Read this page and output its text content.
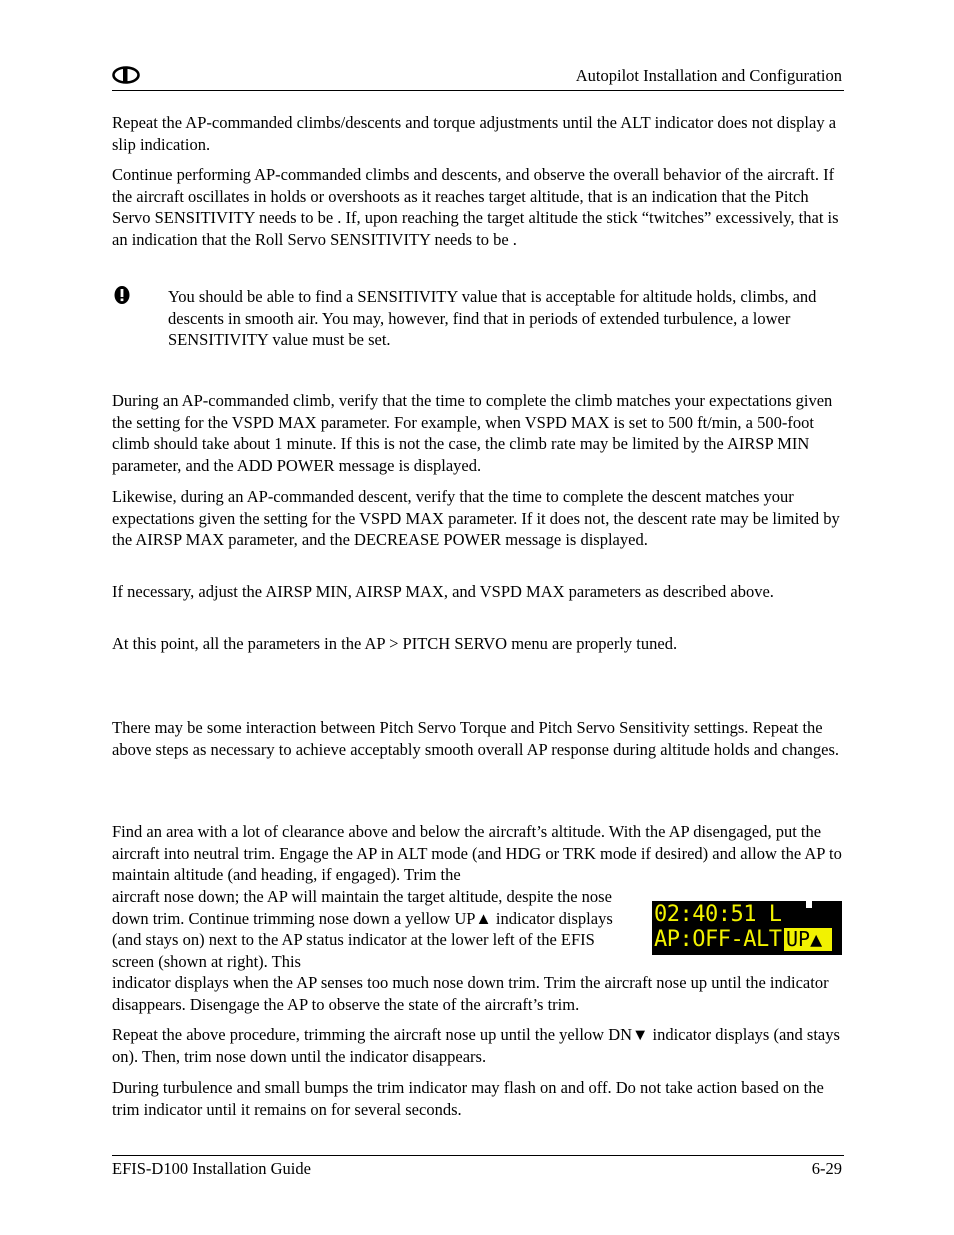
Autopilot Installation and Configuration

Repeat the AP-commanded climbs/descents and torque adjustments until the ALT indicator does not display a slip indication.

Continue performing AP-commanded climbs and descents, and observe the overall behavior of the aircraft. If the aircraft oscillates in holds or overshoots as it reaches target altitude, that is an indication that the Pitch Servo SENSITIVITY needs to be . If, upon reaching the target altitude the stick “twitches” excessively, that is an indication that the Roll Servo SENSITIVITY needs to be .

You should be able to find a SENSITIVITY value that is acceptable for altitude holds, climbs, and descents in smooth air. You may, however, find that in periods of extended turbulence, a lower SENSITIVITY value must be set.

During an AP-commanded climb, verify that the time to complete the climb matches your expectations given the setting for the VSPD MAX parameter. For example, when VSPD MAX is set to 500 ft/min, a 500-foot climb should take about 1 minute. If this is not the case, the climb rate may be limited by the AIRSP MIN parameter, and the ADD POWER message is displayed.

Likewise, during an AP-commanded descent, verify that the time to complete the descent matches your expectations given the setting for the VSPD MAX parameter. If it does not, the descent rate may be limited by the AIRSP MAX parameter, and the DECREASE POWER message is displayed.

If necessary, adjust the AIRSP MIN, AIRSP MAX, and VSPD MAX parameters as described above.

At this point, all the parameters in the AP > PITCH SERVO menu are properly tuned.

There may be some interaction between Pitch Servo Torque and Pitch Servo Sensitivity settings. Repeat the above steps as necessary to achieve acceptably smooth overall AP response during altitude holds and changes.

Find an area with a lot of clearance above and below the aircraft’s altitude. With the AP disengaged, put the aircraft into neutral trim. Engage the AP in ALT mode (and HDG or TRK mode if desired) and allow the AP to maintain altitude (and heading, if engaged). Trim the

aircraft nose down; the AP will maintain the target altitude, despite the nose down trim. Continue trimming nose down a yellow UP▲ indicator displays (and stays on) next to the AP status indicator at the lower left of the EFIS screen (shown at right). This

indicator displays when the AP senses too much nose down trim. Trim the aircraft nose up until the indicator disappears. Disengage the AP to observe the state of the aircraft’s trim.

02:40:51 L
AP:OFF-ALT UP▲

Repeat the above procedure, trimming the aircraft nose up until the yellow DN▼ indicator displays (and stays on). Then, trim nose down until the indicator disappears.

During turbulence and small bumps the trim indicator may flash on and off. Do not take action based on the trim indicator until it remains on for several seconds.

EFIS-D100 Installation Guide	6-29
